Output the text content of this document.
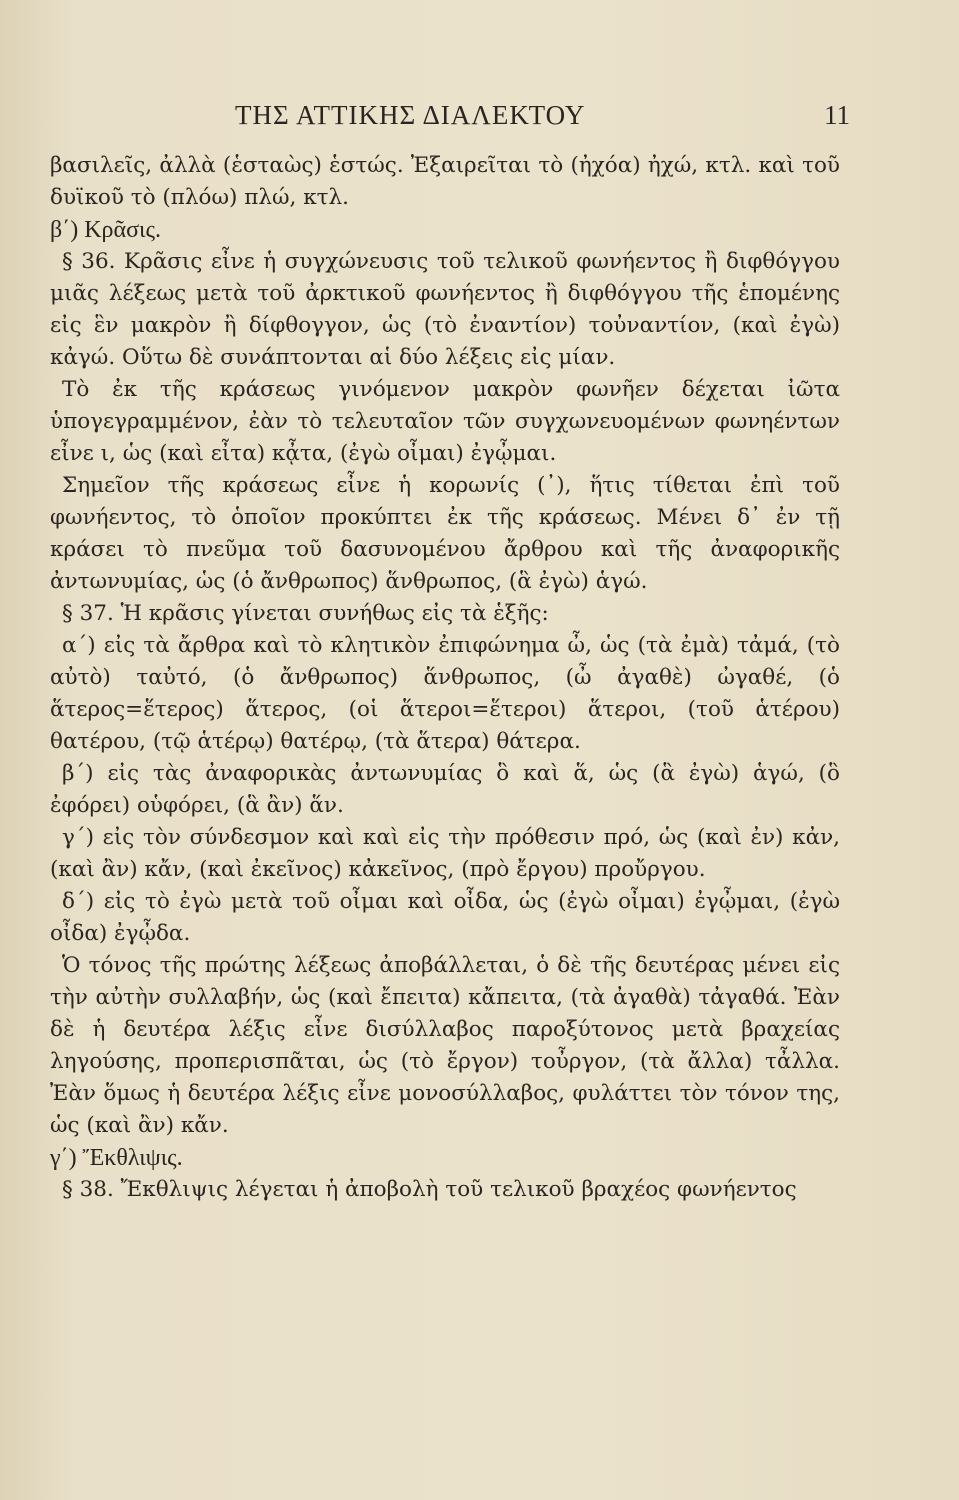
ΤΗΣ ΑΤΤΙΚΗΣ ΔΙΑΛΕΚΤΟΥ	11

βασιλεῖς, ἀλλὰ (ἑσταὼς) ἑστώς. Ἐξαιρεῖται τὸ (ἠχόα) ἠχώ, κτλ. καὶ τοῦ δυϊκοῦ τὸ (πλόω) πλώ, κτλ.

β΄) Κρᾶσις.

§ 36. Κρᾶσις εἶνε ἡ συγχώνευσις τοῦ τελικοῦ φωνήεντος ἢ διφθόγγου μιᾶς λέξεως μετὰ τοῦ ἀρκτικοῦ φωνήεντος ἢ διφθόγγου τῆς ἑπομένης εἰς ἓν μακρὸν ἢ δίφθογγον, ὡς (τὸ ἐναντίον) τοὐναντίον, (καὶ ἐγὼ) κἀγώ. Οὕτω δὲ συνάπτονται αἱ δύο λέξεις εἰς μίαν.

Τὸ ἐκ τῆς κράσεως γινόμενον μακρὸν φωνῆεν δέχεται ἰῶτα ὑπογεγραμμένον, ἐὰν τὸ τελευταῖον τῶν συγχωνευομένων φωνηέντων εἶνε ι, ὡς (καὶ εἶτα) κᾆτα, (ἐγὼ οἶμαι) ἐγᾦμαι.

Σημεῖον τῆς κράσεως εἶνε ἡ κορωνίς (᾿), ἥτις τίθεται ἐπὶ τοῦ φωνήεντος, τὸ ὁποῖον προκύπτει ἐκ τῆς κράσεως. Μένει δ᾿ ἐν τῇ κράσει τὸ πνεῦμα τοῦ δασυνομένου ἄρθρου καὶ τῆς ἀναφορικῆς ἀντωνυμίας, ὡς (ὁ ἄνθρωπος) ἅνθρωπος, (ἃ ἐγὼ) ἁγώ.

§ 37. Ἡ κρᾶσις γίνεται συνήθως εἰς τὰ ἑξῆς:

α΄) εἰς τὰ ἄρθρα καὶ τὸ κλητικὸν ἐπιφώνημα ὦ, ὡς (τὰ ἐμὰ) τἀμά, (τὸ αὐτὸ) ταὐτό, (ὁ ἄνθρωπος) ἅνθρωπος, (ὦ ἀγαθὲ) ὠγαθέ, (ὁ ἅτερος=ἕτερος) ἅτερος, (οἱ ἅτεροι=ἕτεροι) ἅτεροι, (τοῦ ἁτέρου) θατέρου, (τῷ ἁτέρῳ) θατέρῳ, (τὰ ἅτερα) θάτερα.

β΄) εἰς τὰς ἀναφορικὰς ἀντωνυμίας ὃ καὶ ἅ, ὡς (ἃ ἐγὼ) ἁγώ, (ὃ ἐφόρει) οὑφόρει, (ἃ ἂν) ἅν.

γ΄) εἰς τὸν σύνδεσμον καὶ καὶ εἰς τὴν πρόθεσιν πρό, ὡς (καὶ ἐν) κἀν, (καὶ ἂν) κἄν, (καὶ ἐκεῖνος) κἀκεῖνος, (πρὸ ἔργου) προὔργου.

δ΄) εἰς τὸ ἐγὼ μετὰ τοῦ οἶμαι καὶ οἶδα, ὡς (ἐγὼ οἶμαι) ἐγᾦμαι, (ἐγὼ οἶδα) ἐγᾦδα.

Ὁ τόνος τῆς πρώτης λέξεως ἀποβάλλεται, ὁ δὲ τῆς δευτέρας μένει εἰς τὴν αὐτὴν συλλαβήν, ὡς (καὶ ἔπειτα) κἄπειτα, (τὰ ἀγαθὰ) τἀγαθά. Ἐὰν δὲ ἡ δευτέρα λέξις εἶνε δισύλλαβος παροξύτονος μετὰ βραχείας ληγούσης, προπερισπᾶται, ὡς (τὸ ἔργον) τοὖργον, (τὰ ἄλλα) τἆλλα. Ἐὰν ὅμως ἡ δευτέρα λέξις εἶνε μονοσύλλαβος, φυλάττει τὸν τόνον της, ὡς (καὶ ἂν) κἄν.

γ΄) Ἔκθλιψις.

§ 38. Ἔκθλιψις λέγεται ἡ ἀποβολὴ τοῦ τελικοῦ βραχέος φωνήεντος
